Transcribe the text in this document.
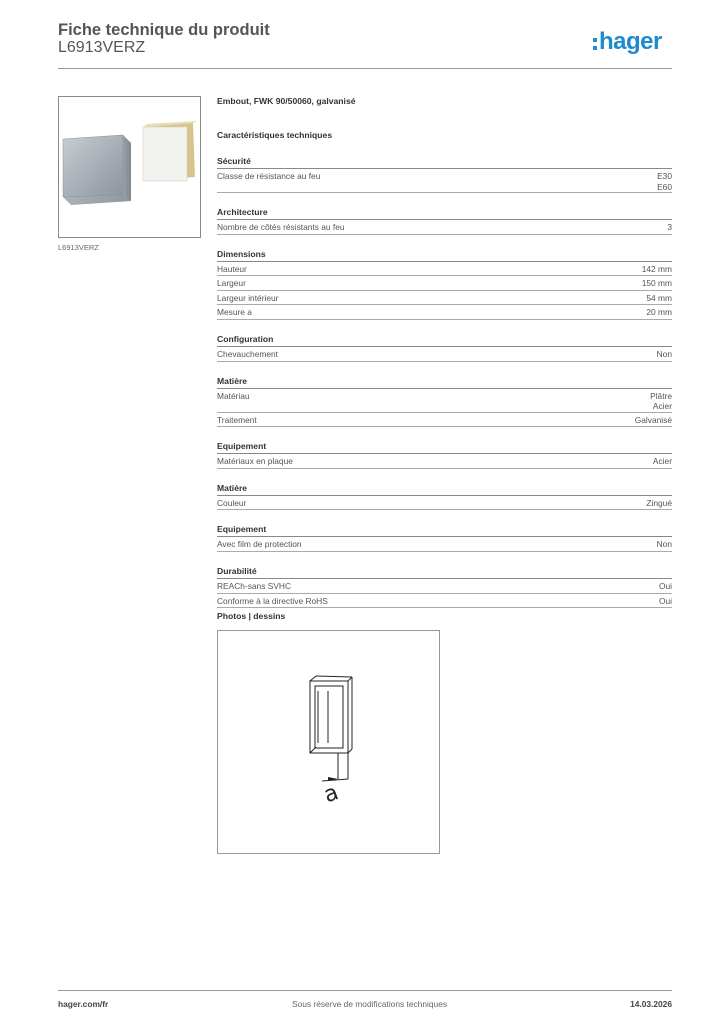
Fiche technique du produit
L6913VERZ	hager
L6913VERZ
Embout, FWK 90/50060, galvanisé
Caractéristiques techniques
Sécurité
Classe de résistance au feu	E30
E60
Architecture
Nombre de côtés résistants au feu	3
Dimensions
Hauteur	142 mm
Largeur	150 mm
Largeur intérieur	54 mm
Mesure a	20 mm
Configuration
Chevauchement	Non
Matière
Matériau	Plâtre
Acier
Traitement	Galvanisé
Equipement
Matériaux en plaque	Acier
Matière
Couleur	Zingué
Equipement
Avec film de protection	Non
Durabilité
REACh-sans SVHC	Oui
Conforme à la directive RoHS	Oui
Photos | dessins
a
hager.com/fr	Sous réserve de modifications techniques	14.03.2026
